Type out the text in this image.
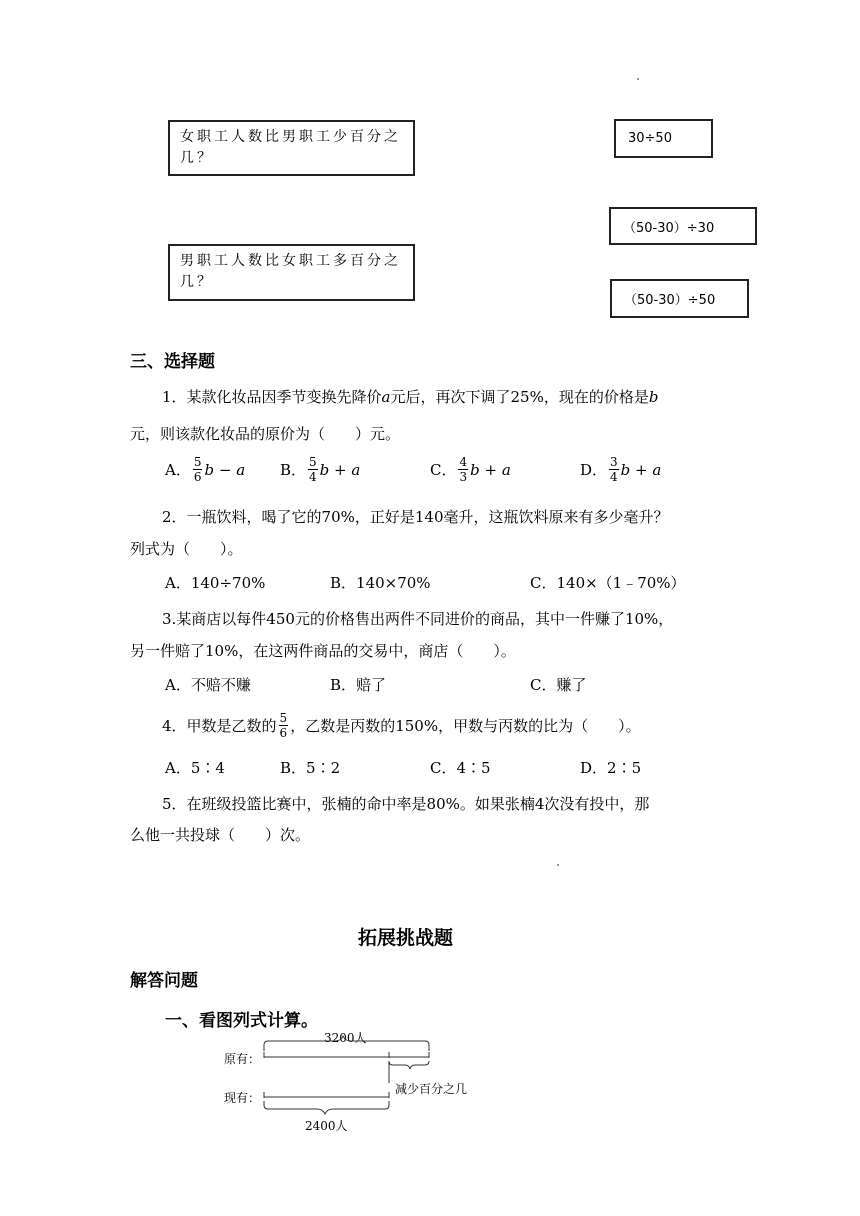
女职工人数比男职工少百分之几？
男职工人数比女职工多百分之几？
30÷50
（50-30）÷30
（50-30）÷50
三、选择题
1．某款化妆品因季节变换先降价a元后，再次下调了25%，现在的价格是b
元，则该款化妆品的原价为（　　）元。
A． $\frac{5}{6}$ b − a B． $\frac{5}{4}$ b + a	C． $\frac{4}{3}$ b + a	D． $\frac{3}{4}$ b + a
2．一瓶饮料，喝了它的70%，正好是140毫升，这瓶饮料原来有多少毫升？
列式为（　　）。
A．140÷70%	B．140×70%	C．140×（1﹣70%）
3.某商店以每件450元的价格售出两件不同进价的商品，其中一件赚了10%，
另一件赔了10%，在这两件商品的交易中，商店（　　）。
A．不赔不赚	B．赔了	C．赚了
4．甲数是乙数的 $\frac{5}{6}$ ，乙数是丙数的150%，甲数与丙数的比为（　　）。
A．5∶4	B．5∶2	C．4∶5	D．2∶5
5．在班级投篮比赛中，张楠的命中率是80%。如果张楠4次没有投中，那
么他一共投球（　　）次。
拓展挑战题
解答问题
一、看图列式计算。
3200人
原有：
现有：
减少百分之几
2400人
